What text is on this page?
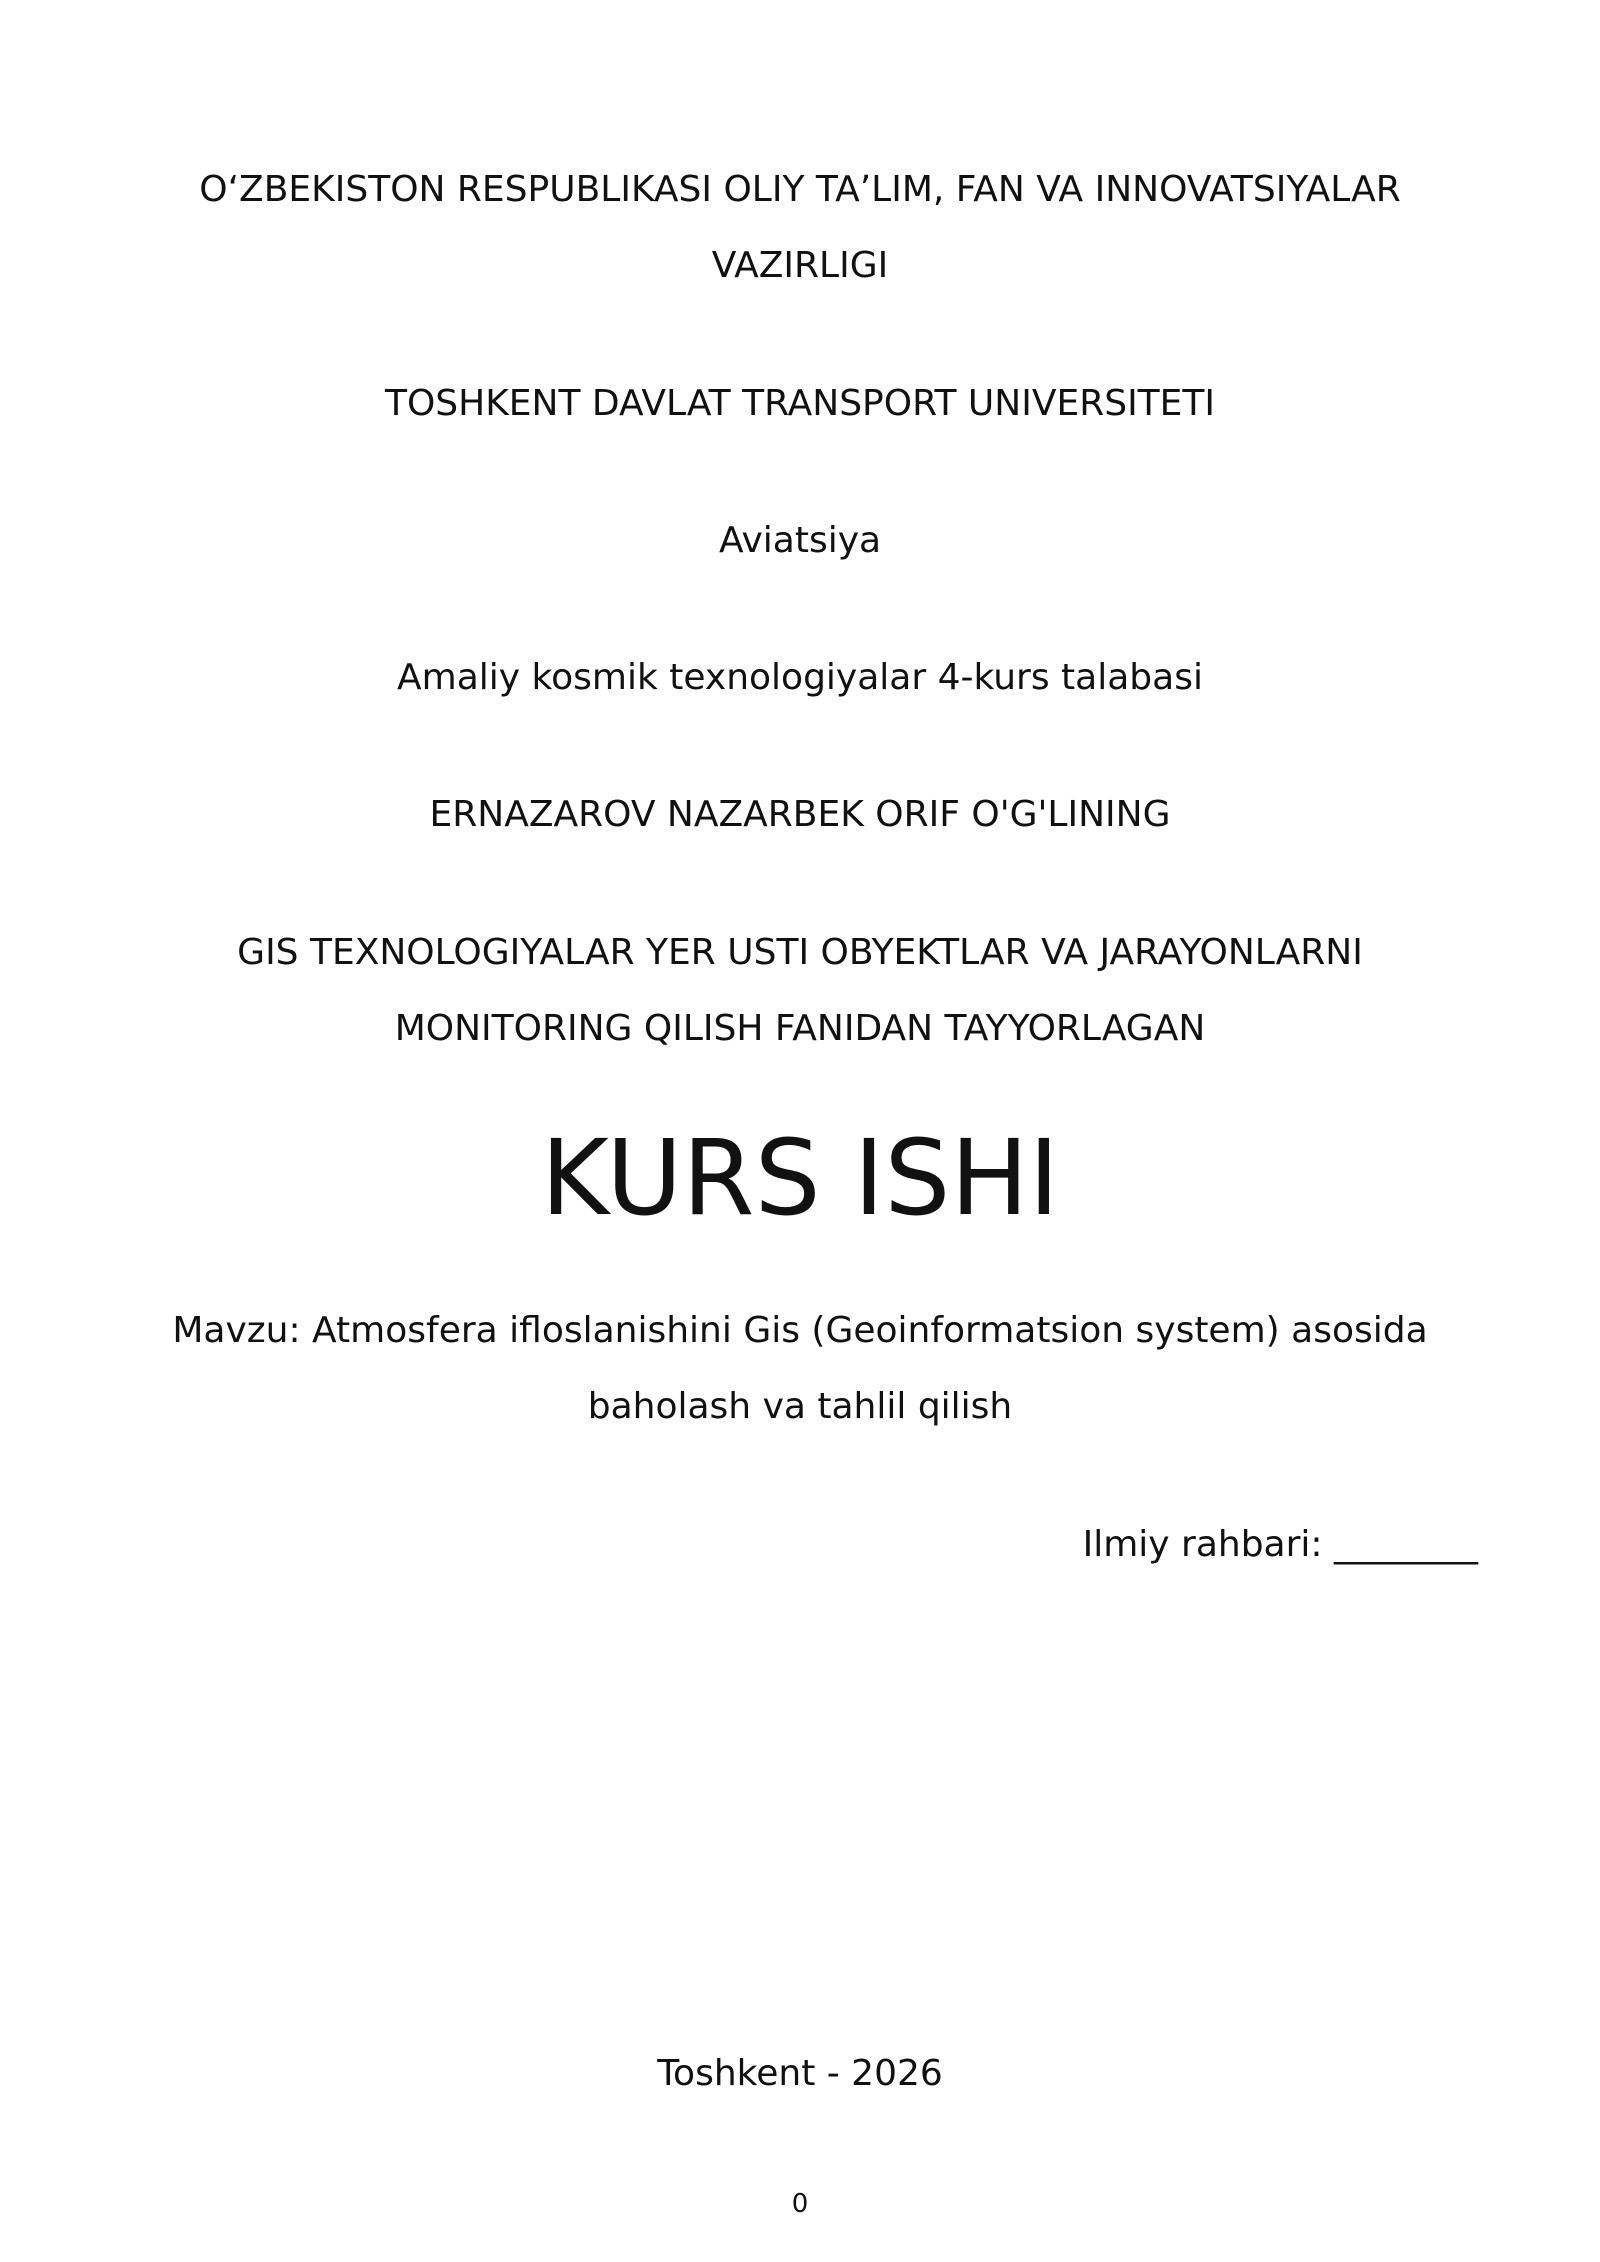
O‘ZBEKISTON RESPUBLIKASI OLIY TA’LIM, FAN VA INNOVATSIYALAR
VAZIRLIGI
TOSHKENT DAVLAT TRANSPORT UNIVERSITETI
Aviatsiya
Amaliy kosmik texnologiyalar 4-kurs talabasi
ERNAZAROV NAZARBEK ORIF O'G'LINING
GIS TEXNOLOGIYALAR YER USTI OBYEKTLAR VA JARAYONLARNI
MONITORING QILISH FANIDAN TAYYORLAGAN
KURS ISHI
Mavzu: Atmosfera ifloslanishini Gis (Geoinformatsion system) asosida
baholash va tahlil qilish
Ilmiy rahbari: ________
Toshkent - 2026
0
